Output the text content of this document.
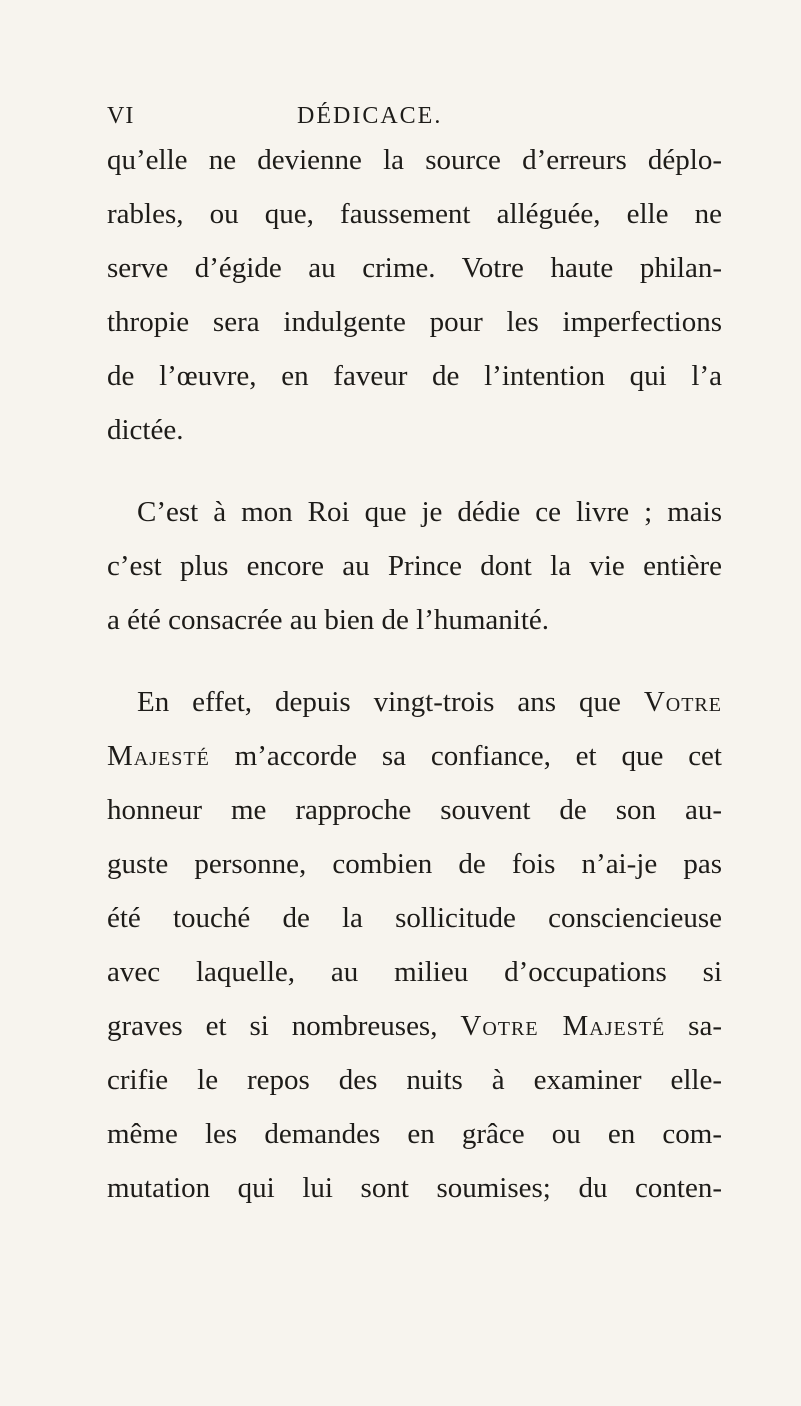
VI	DÉDICACE.
qu’elle ne devienne la source d’erreurs déplo-
rables, ou que, faussement alléguée, elle ne
serve d’égide au crime. Votre haute philan-
thropie sera indulgente pour les imperfections
de l’œuvre, en faveur de l’intention qui l’a
dictée.
C’est à mon Roi que je dédie ce livre ; mais
c’est plus encore au Prince dont la vie entière
a été consacrée au bien de l’humanité.
En effet, depuis vingt-trois ans que Votre
Majesté m’accorde sa confiance, et que cet
honneur me rapproche souvent de son au-
guste personne, combien de fois n’ai-je pas
été touché de la sollicitude consciencieuse
avec laquelle, au milieu d’occupations si
graves et si nombreuses, Votre Majesté sa-
crifie le repos des nuits à examiner elle-
même les demandes en grâce ou en com-
mutation qui lui sont soumises; du conten-
